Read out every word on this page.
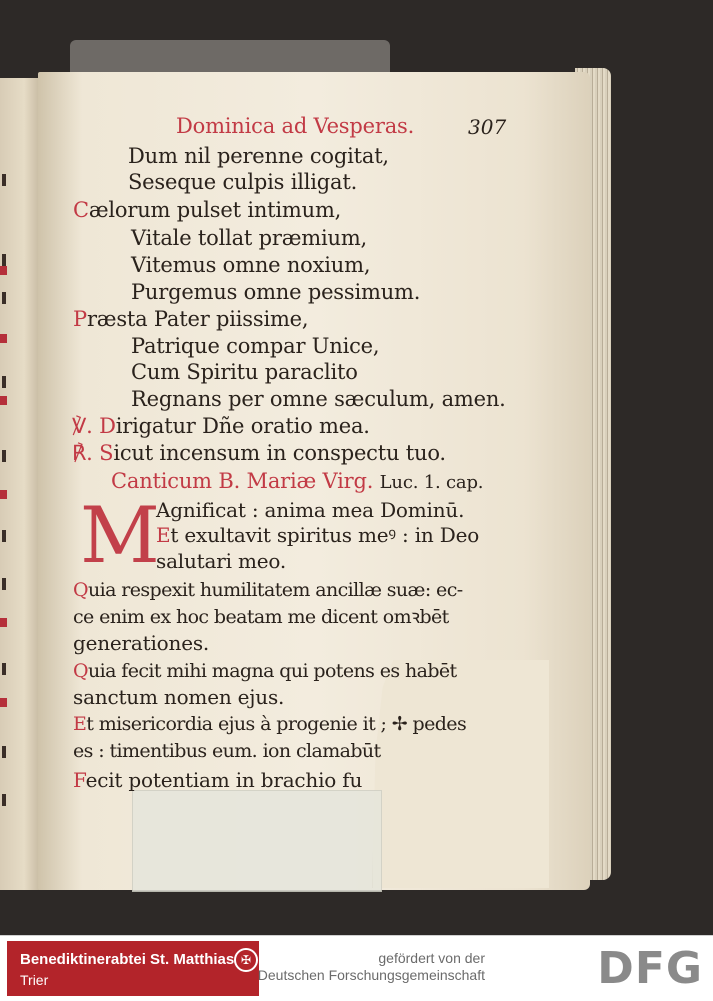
Dominica ad Vesperas.	307
Dum nil perenne cogitat,
Seseque culpis illigat.
Cælorum pulset intimum,
Vitale tollat præmium,
Vitemus omne noxium,
Purgemus omne pessimum.
Præsta Pater piissime,
Patrique compar Unice,
Cum Spiritu paraclito
Regnans per omne sæculum, amen.
℣. Dirigatur Dñe oratio mea.
℟. Sicut incensum in conspectu tuo.
Canticum B. Mariæ Virg. Luc. 1. cap.
M
Agnificat : anima mea Dominū.
Et exultavit spiritus meꝰ : in Deo
salutari meo.
Quia respexit humilitatem ancillæ suæ: ec-
ce enim ex hoc beatam me dicent omꝛbēt
generationes.
Quia fecit mihi magna qui potens es habēt
sanctum nomen ejus.
Et misericordia ejus à progenie it ; ✢ pedes
es : timentibus eum. ion clamabūt
Fecit potentiam in brachio fu
Benediktinerabtei St. Matthias
Trier
✠	gefördert von der
Deutschen Forschungsgemeinschaft	DFG
